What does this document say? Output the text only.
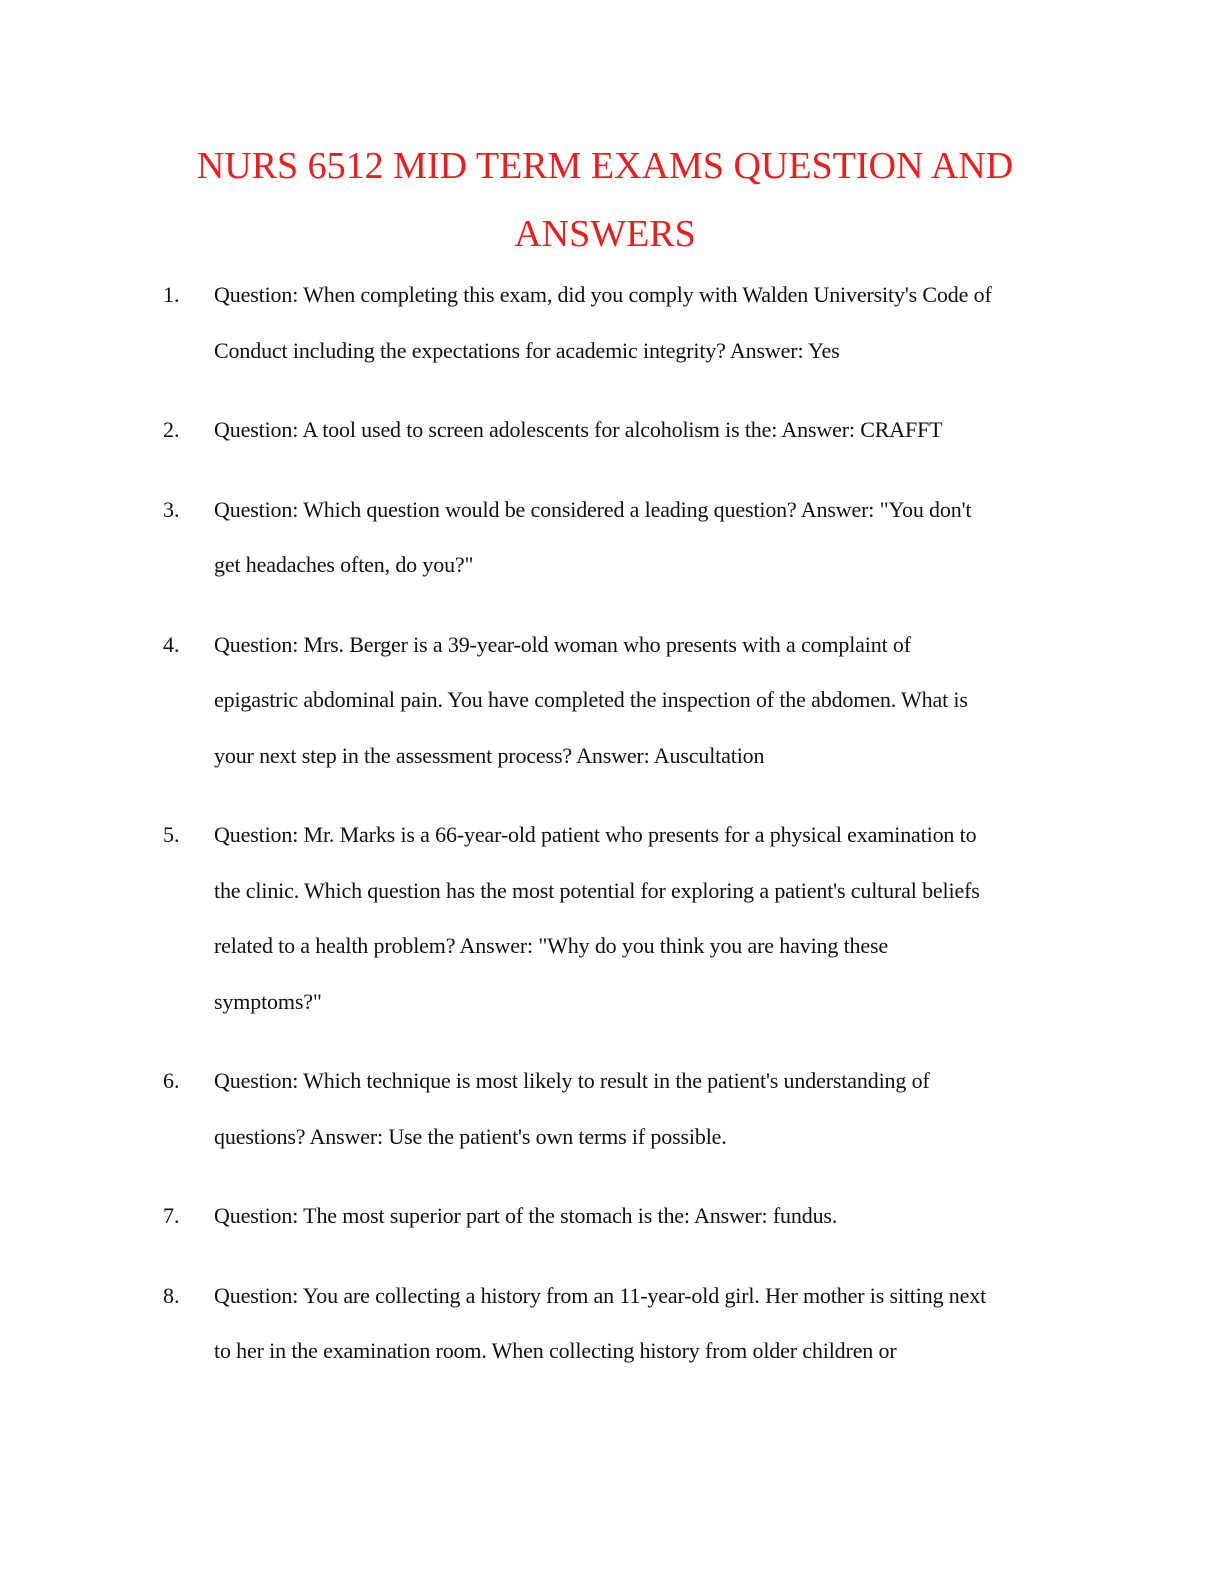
NURS 6512 MID TERM EXAMS QUESTION AND ANSWERS
1. Question: When completing this exam, did you comply with Walden University's Code of
Conduct including the expectations for academic integrity? Answer: Yes
2. Question: A tool used to screen adolescents for alcoholism is the: Answer: CRAFFT
3. Question: Which question would be considered a leading question? Answer: "You don't
get headaches often, do you?"
4. Question: Mrs. Berger is a 39-year-old woman who presents with a complaint of
epigastric abdominal pain. You have completed the inspection of the abdomen. What is
your next step in the assessment process? Answer: Auscultation
5. Question: Mr. Marks is a 66-year-old patient who presents for a physical examination to
the clinic. Which question has the most potential for exploring a patient's cultural beliefs
related to a health problem? Answer: "Why do you think you are having these
symptoms?"
6. Question: Which technique is most likely to result in the patient's understanding of
questions? Answer: Use the patient's own terms if possible.
7. Question: The most superior part of the stomach is the: Answer: fundus.
8. Question: You are collecting a history from an 11-year-old girl. Her mother is sitting next
to her in the examination room. When collecting history from older children or
